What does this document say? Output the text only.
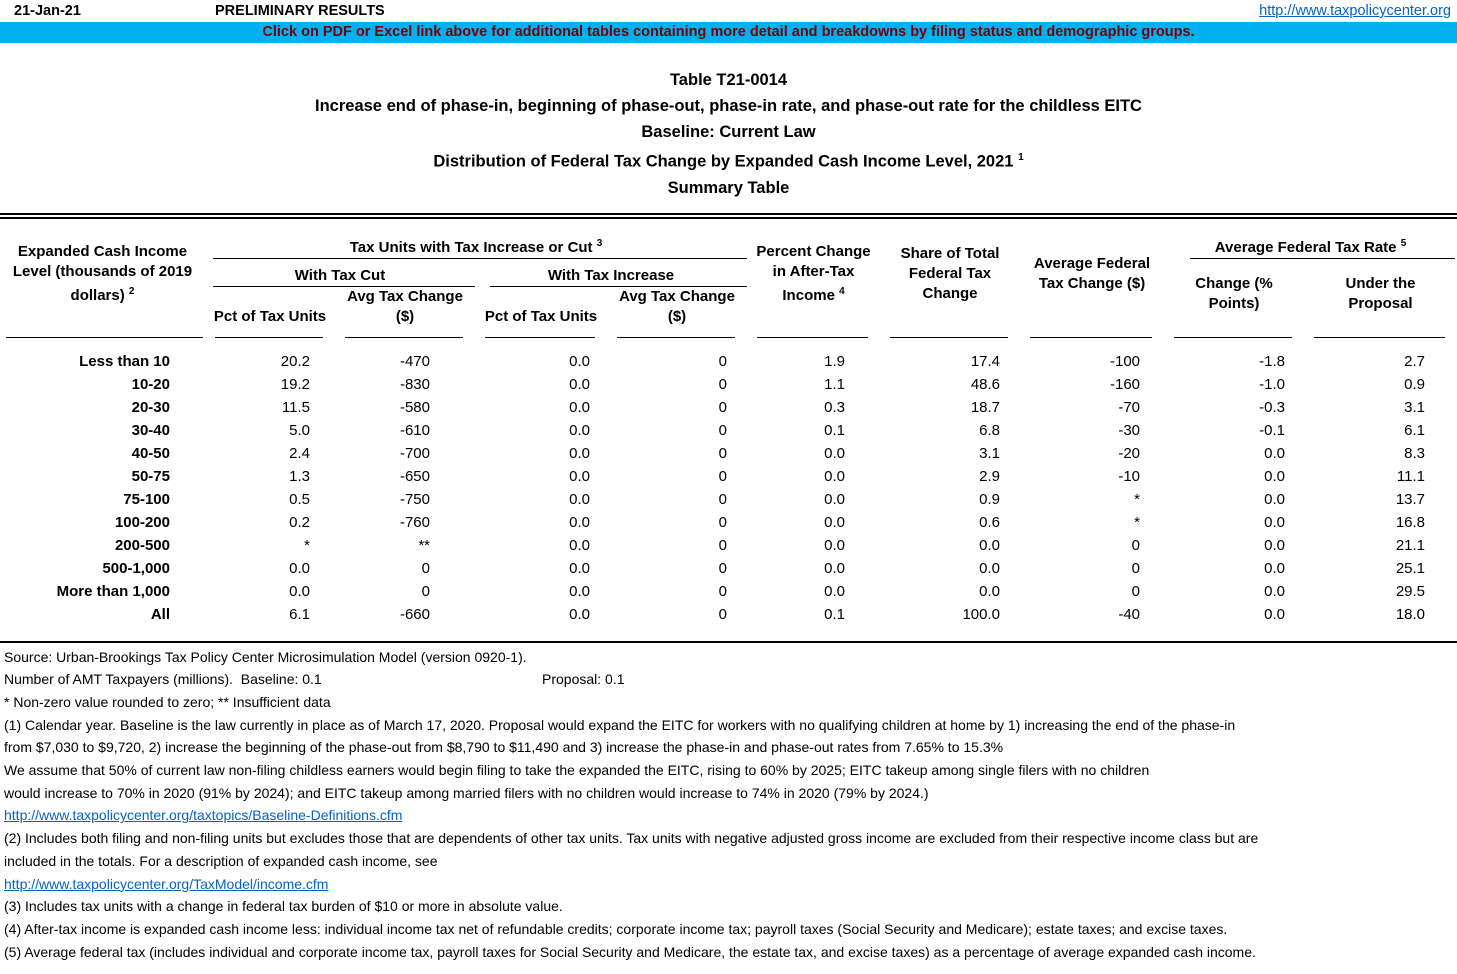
21-Jan-21	PRELIMINARY RESULTS	http://www.taxpolicycenter.org
Click on PDF or Excel link above for additional tables containing more detail and breakdowns by filing status and demographic groups.
Table T21-0014
Increase end of phase-in, beginning of phase-out, phase-in rate, and phase-out rate for the childless EITC
Baseline: Current Law
Distribution of Federal Tax Change by Expanded Cash Income Level, 2021 $^1$
Summary Table
Expanded Cash Income Level (thousands of 2019 dollars) $^2$	Tax Units with Tax Increase or Cut $^3$				Percent Change in After-Tax Income $^4$	Share of Total Federal Tax Change	Average Federal Tax Change ($)	Average Federal Tax Rate $^5$

	With Tax Cut		With Tax Increase					Change (% Points)	Under the Proposal

	Pct of Tax Units	Avg Tax Change ($)	Pct of Tax Units	Avg Tax Change ($)					

Less than 10	20.2	-470	0.0	0	1.9	17.4	-100	-1.8	2.7
10-20	19.2	-830	0.0	0	1.1	48.6	-160	-1.0	0.9
20-30	11.5	-580	0.0	0	0.3	18.7	-70	-0.3	3.1
30-40	5.0	-610	0.0	0	0.1	6.8	-30	-0.1	6.1
40-50	2.4	-700	0.0	0	0.0	3.1	-20	0.0	8.3
50-75	1.3	-650	0.0	0	0.0	2.9	-10	0.0	11.1
75-100	0.5	-750	0.0	0	0.0	0.9	*	0.0	13.7
100-200	0.2	-760	0.0	0	0.0	0.6	*	0.0	16.8
200-500	*	**	0.0	0	0.0	0.0	0	0.0	21.1
500-1,000	0.0	0	0.0	0	0.0	0.0	0	0.0	25.1
More than 1,000	0.0	0	0.0	0	0.0	0.0	0	0.0	29.5
All	6.1	-660	0.0	0	0.1	100.0	-40	0.0	18.0
Source: Urban-Brookings Tax Policy Center Microsimulation Model (version 0920-1).
Number of AMT Taxpayers (millions).  Baseline: 0.1	Proposal: 0.1
* Non-zero value rounded to zero; ** Insufficient data
(1) Calendar year. Baseline is the law currently in place as of March 17, 2020. Proposal would expand the EITC for workers with no qualifying children at home by 1) increasing the end of the phase-in
from $7,030 to $9,720, 2) increase the beginning of the phase-out from $8,790 to $11,490 and 3) increase the phase-in and phase-out rates from 7.65% to 15.3%
We assume that 50% of current law non-filing childless earners would begin filing to take the expanded the EITC, rising to 60% by 2025; EITC takeup among single filers with no children
would increase to 70% in 2020 (91% by 2024); and EITC takeup among married filers with no children would increase to 74% in 2020 (79% by 2024.)
http://www.taxpolicycenter.org/taxtopics/Baseline-Definitions.cfm
(2) Includes both filing and non-filing units but excludes those that are dependents of other tax units. Tax units with negative adjusted gross income are excluded from their respective income class but are
included in the totals. For a description of expanded cash income, see
http://www.taxpolicycenter.org/TaxModel/income.cfm
(3) Includes tax units with a change in federal tax burden of $10 or more in absolute value.
(4) After-tax income is expanded cash income less: individual income tax net of refundable credits; corporate income tax; payroll taxes (Social Security and Medicare); estate taxes; and excise taxes.
(5) Average federal tax (includes individual and corporate income tax, payroll taxes for Social Security and Medicare, the estate tax, and excise taxes) as a percentage of average expanded cash income.
